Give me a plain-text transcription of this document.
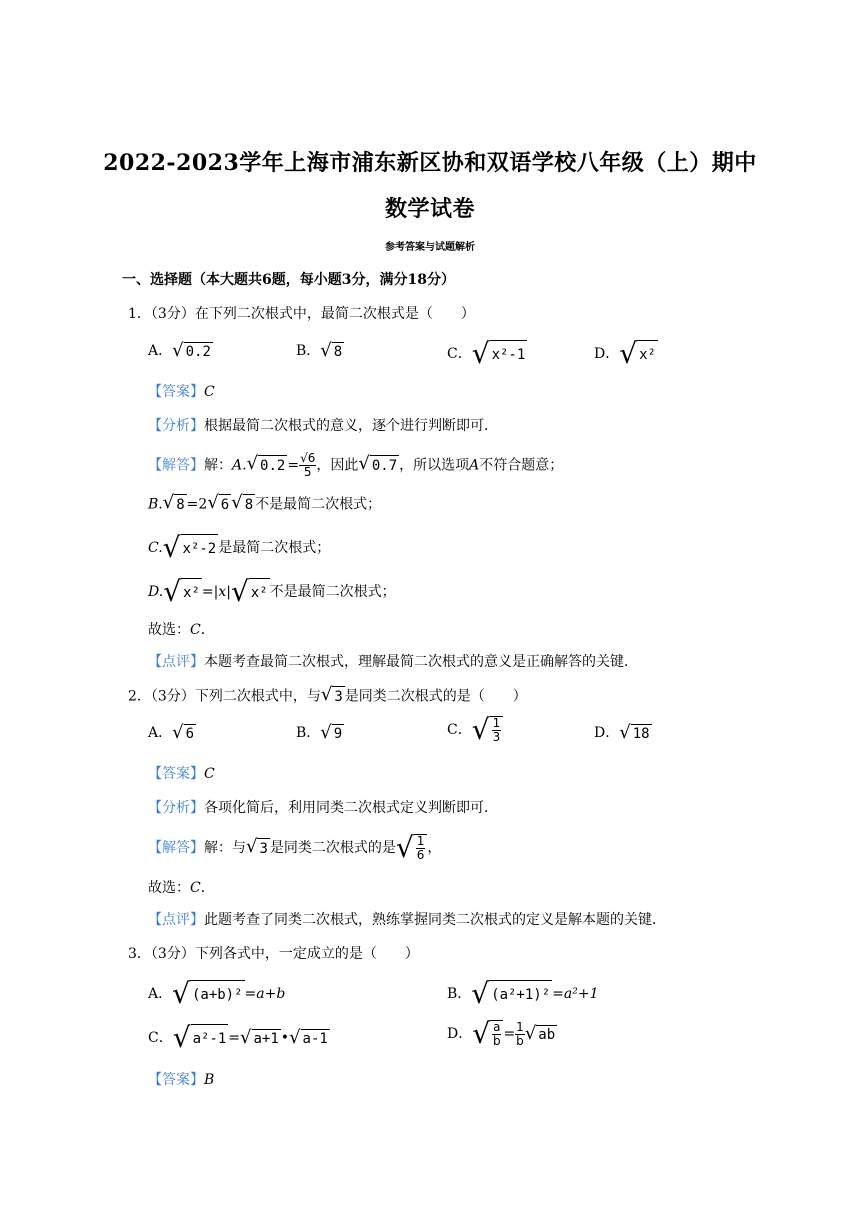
2022-2023学年上海市浦东新区协和双语学校八年级（上）期中
数学试卷
参考答案与试题解析
一、选择题（本大题共6题，每小题3分，满分18分）
1．（3分）在下列二次根式中，最简二次根式是（　　）
A． √ 0.2	B． √ 8	C． √ x²-1	D． √ x²
【答案】C
【分析】根据最简二次根式的意义，逐个进行判断即可．
【解答】解：A. √ $0.2 = \frac{√6}{5}$ ，因此 √ 0.7 ，所以选项A不符合题意；
B. √ 8 =2 √ 6 √ 8 不是最简二次根式；
C. √ x²-2 是最简二次根式；
D. √ x² =|x| √ x² 不是最简二次根式；
故选：C．
【点评】本题考查最简二次根式，理解最简二次根式的意义是正确解答的关键．
2．（3分）下列二次根式中，与 √ 3 是同类二次根式的是（　　）
A． √ 6	B． √ 9	C． √ $\frac{1}{3}$	D． √ 18
【答案】C
【分析】各项化简后，利用同类二次根式定义判断即可．
【解答】解：与 √ 3 是同类二次根式的是 √ $\frac{1}{6}$ ，
故选：C．
【点评】此题考查了同类二次根式，熟练掌握同类二次根式的定义是解本题的关键．
3．（3分）下列各式中，一定成立的是（　　）
A． √ (a+b)² =a+b	B． √ (a²+1)² =a²+1
C． √ a²-1 = √ a+1 • √ a-1	D． √ $\frac{a}{b} = \frac{1}{b}$ √ ab
【答案】B
